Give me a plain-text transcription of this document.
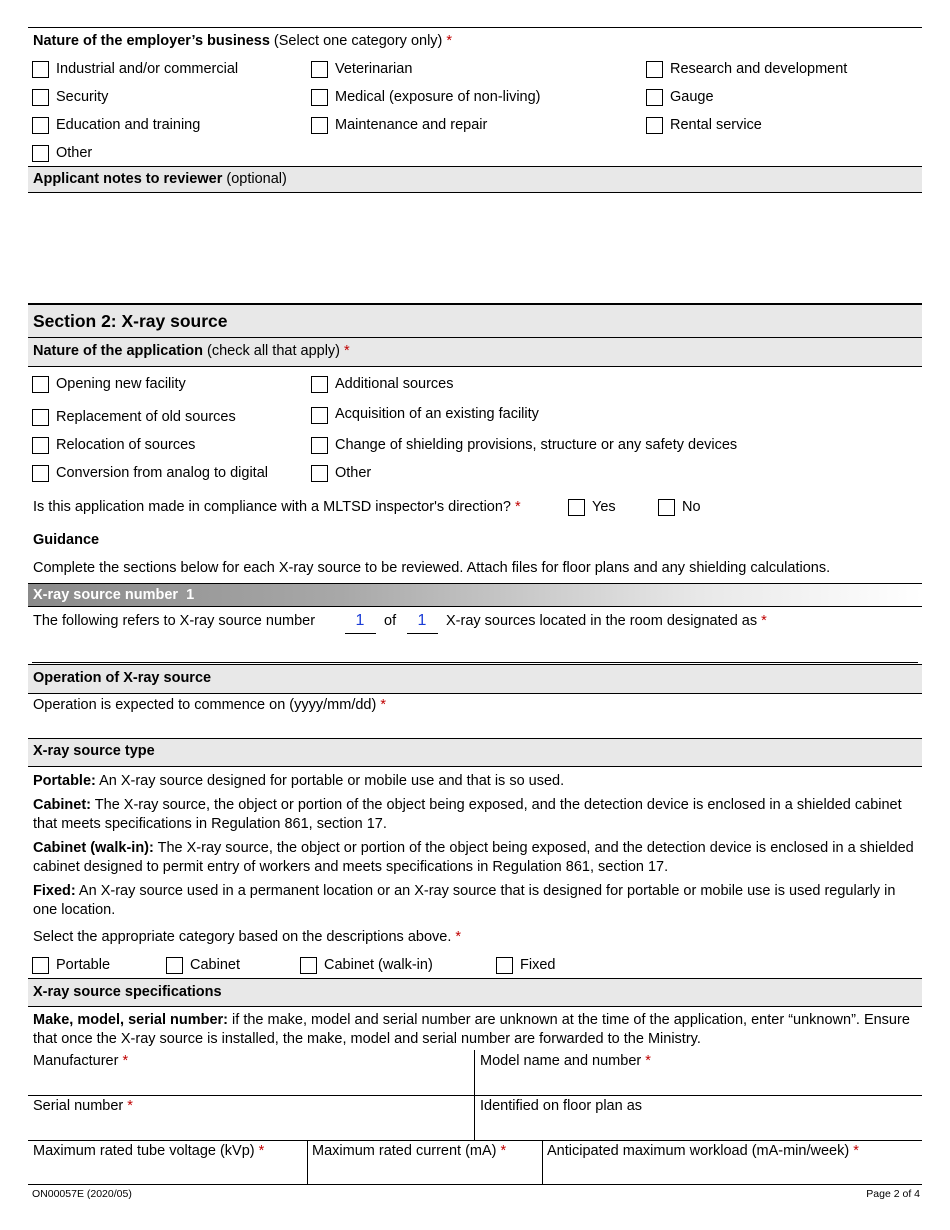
Nature of the employer’s business (Select one category only) *
Industrial and/or commercial	Veterinarian	Research and development
Security	Medical (exposure of non-living)	Gauge
Education and training	Maintenance and repair	Rental service
Other
Applicant notes to reviewer (optional)
Section 2: X-ray source
Nature of the application (check all that apply) *
Opening new facility	Additional sources
Replacement of old sources	Acquisition of an existing facility
Relocation of sources	Change of shielding provisions, structure or any safety devices
Conversion from analog to digital	Other
Is this application made in compliance with a MLTSD inspector's direction? *	Yes	No
Guidance
Complete the sections below for each X-ray source to be reviewed. Attach files for floor plans and any shielding calculations.
X-ray source number 1
The following refers to X-ray source number	1	of	1	X-ray sources located in the room designated as *
Operation of X-ray source
Operation is expected to commence on (yyyy/mm/dd) *
X-ray source type
Portable: An X-ray source designed for portable or mobile use and that is so used.
Cabinet: The X-ray source, the object or portion of the object being exposed, and the detection device is enclosed in a shielded cabinet that meets specifications in Regulation 861, section 17.
Cabinet (walk-in): The X-ray source, the object or portion of the object being exposed, and the detection device is enclosed in a shielded cabinet designed to permit entry of workers and meets specifications in Regulation 861, section 17.
Fixed: An X-ray source used in a permanent location or an X-ray source that is designed for portable or mobile use is used regularly in one location.
Select the appropriate category based on the descriptions above. *
Portable	Cabinet	Cabinet (walk-in)	Fixed
X-ray source specifications
Make, model, serial number: if the make, model and serial number are unknown at the time of the application, enter “unknown”. Ensure that once the X-ray source is installed, the make, model and serial number are forwarded to the Ministry.
Manufacturer *	Model name and number *
Serial number *	Identified on floor plan as
Maximum rated tube voltage (kVp) *	Maximum rated current (mA) *	Anticipated maximum workload (mA-min/week) *
ON00057E (2020/05)	Page 2 of 4
